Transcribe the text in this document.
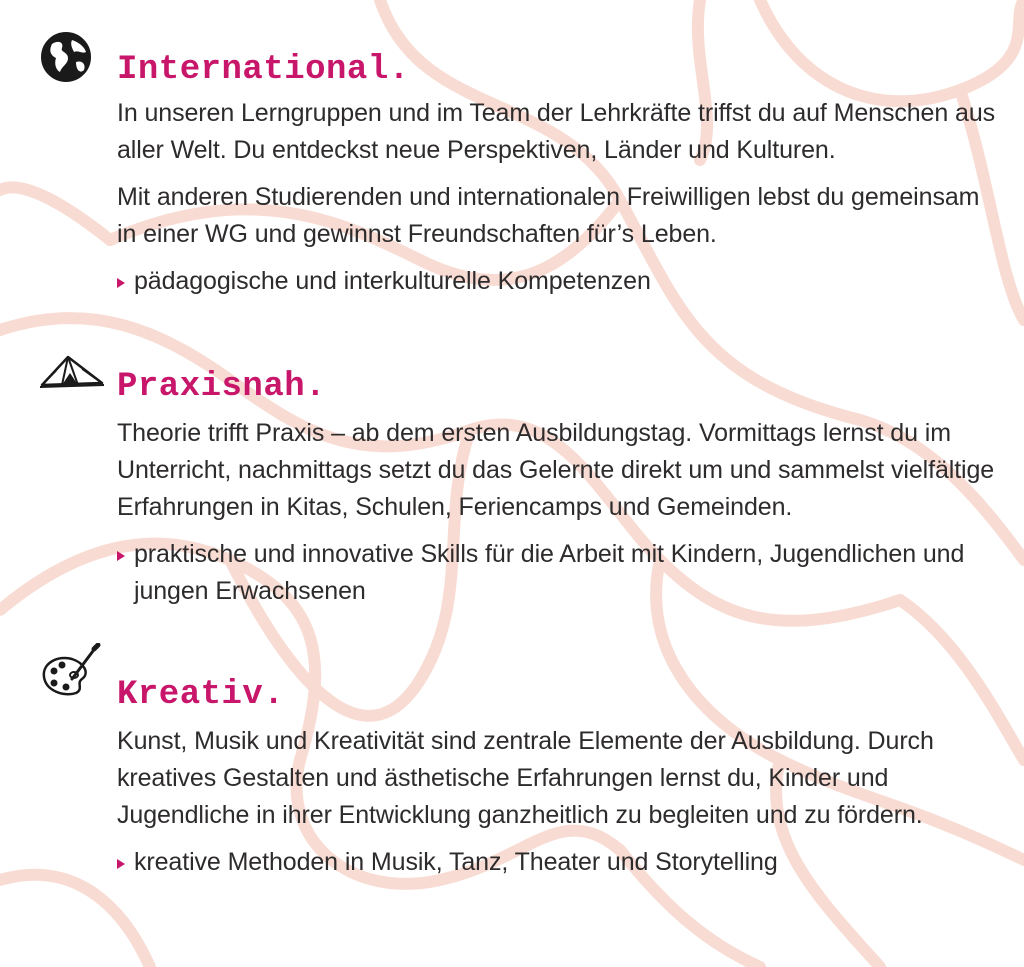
International.

In unseren Lerngruppen und im Team der Lehrkräfte triffst du auf Menschen aus aller Welt. Du entdeckst neue Perspektiven, Länder und Kulturen.

Mit anderen Studierenden und internationalen Freiwilligen lebst du gemeinsam in einer WG und gewinnst Freundschaften für’s Leben.

pädagogische und interkulturelle Kompetenzen

Praxisnah.

Theorie trifft Praxis – ab dem ersten Ausbildungstag. Vormittags lernst du im Unterricht, nachmittags setzt du das Gelernte direkt um und sammelst vielfältige Erfahrungen in Kitas, Schulen, Feriencamps und Gemeinden.

praktische und innovative Skills für die Arbeit mit Kindern, Jugendlichen und jungen Erwachsenen

Kreativ.

Kunst, Musik und Kreativität sind zentrale Elemente der Ausbildung. Durch kreatives Gestalten und ästhetische Erfahrungen lernst du, Kinder und Jugendliche in ihrer Entwicklung ganzheitlich zu begleiten und zu fördern.

kreative Methoden in Musik, Tanz, Theater und Storytelling
